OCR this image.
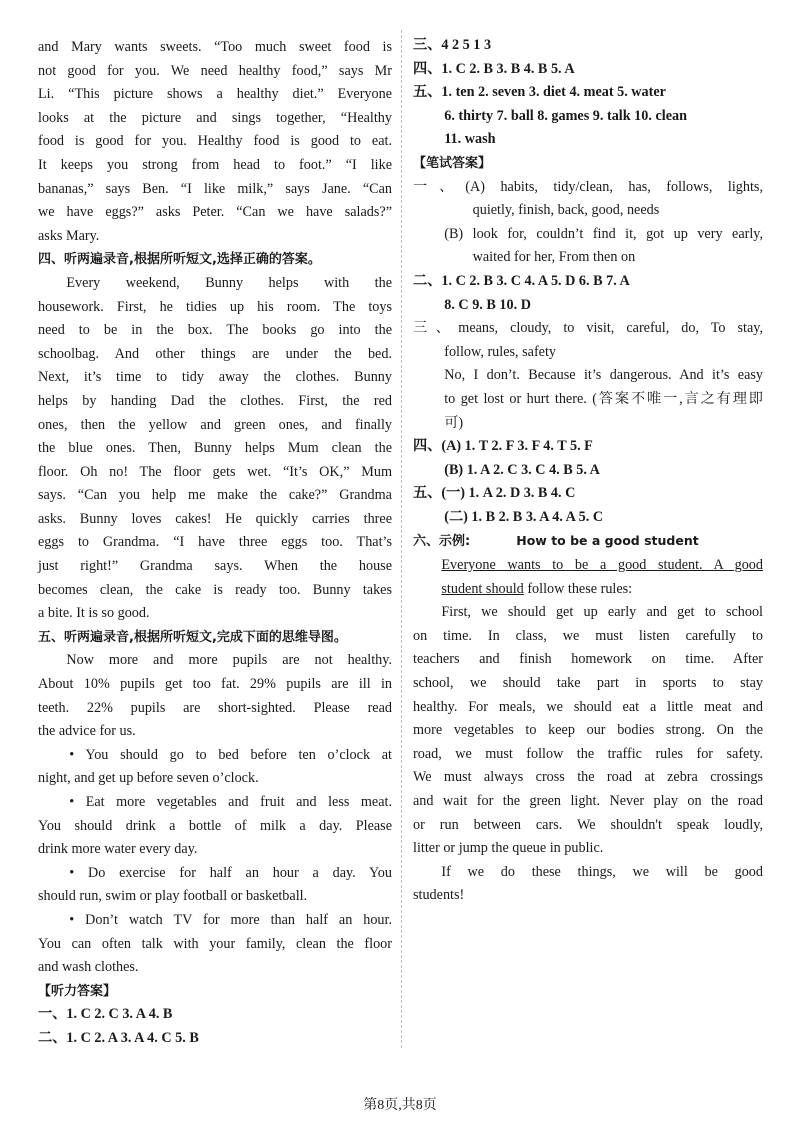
and Mary wants sweets. “Too much sweet food is

not good for you. We need healthy food,” says Mr

Li. “This picture shows a healthy diet.” Everyone

looks at the picture and sings together, “Healthy

food is good for you. Healthy food is good to eat.

It keeps you strong from head to foot.” “I like

bananas,” says Ben. “I like milk,” says Jane. “Can

we have eggs?” asks Peter. “Can we have salads?”

asks Mary.

四、听两遍录音,根据所听短文,选择正确的答案。

Every weekend, Bunny helps with the

housework. First, he tidies up his room. The toys

need to be in the box. The books go into the

schoolbag. And other things are under the bed.

Next, it’s time to tidy away the clothes. Bunny

helps by handing Dad the clothes. First, the red

ones, then the yellow and green ones, and finally

the blue ones. Then, Bunny helps Mum clean the

floor. Oh no! The floor gets wet. “It’s OK,” Mum

says. “Can you help me make the cake?” Grandma

asks. Bunny loves cakes! He quickly carries three

eggs to Grandma. “I have three eggs too. That’s

just right!” Grandma says. When the house

becomes clean, the cake is ready too. Bunny takes

a bite. It is so good.

五、听两遍录音,根据所听短文,完成下面的思维导图。

Now more and more pupils are not healthy.

About 10% pupils get too fat. 29% pupils are ill in

teeth. 22% pupils are short-sighted. Please read

the advice for us.

• You should go to bed before ten o’clock at

night, and get up before seven o’clock.

• Eat more vegetables and fruit and less meat.

You should drink a bottle of milk a day. Please

drink more water every day.

• Do exercise for half an hour a day. You

should run, swim or play football or basketball.

• Don’t watch TV for more than half an hour.

You can often talk with your family, clean the floor

and wash clothes.

【听力答案】

一、1. C 2. C 3. A 4. B

二、1. C 2. A 3. A 4. C 5. B

三、4 2 5 1 3

四、1. C 2. B 3. B 4. B 5. A

五、1. ten 2. seven 3. diet 4. meat 5. water

6. thirty 7. ball 8. games 9. talk 10. clean

11. wash

【笔试答案】

一、(A) habits, tidy/clean, has, follows, lights,

quietly, finish, back, good, needs

(B) look for, couldn’t find it, got up very early,

waited for her, From then on

二、1. C 2. B 3. C 4. A 5. D 6. B 7. A

8. C 9. B 10. D

三、means, cloudy, to visit, careful, do, To stay,

follow, rules, safety

No, I don’t. Because it’s dangerous. And it’s easy

to get lost or hurt there. (答案不唯一,言之有理即

可)

四、(A) 1. T 2. F 3. F 4. T 5. F

(B) 1. A 2. C 3. C 4. B 5. A

五、(一) 1. A 2. D 3. B 4. C

(二) 1. B 2. B 3. A 4. A 5. C

六、示例:	How to be a good student

Everyone wants to be a good student. A good

student should follow these rules:

First, we should get up early and get to school

on time. In class, we must listen carefully to

teachers and finish homework on time. After

school, we should take part in sports to stay

healthy. For meals, we should eat a little meat and

more vegetables to keep our bodies strong. On the

road, we must follow the traffic rules for safety.

We must always cross the road at zebra crossings

and wait for the green light. Never play on the road

or run between cars. We shouldn't speak loudly,

litter or jump the queue in public.

If we do these things, we will be good

students!

第8页,共8页
